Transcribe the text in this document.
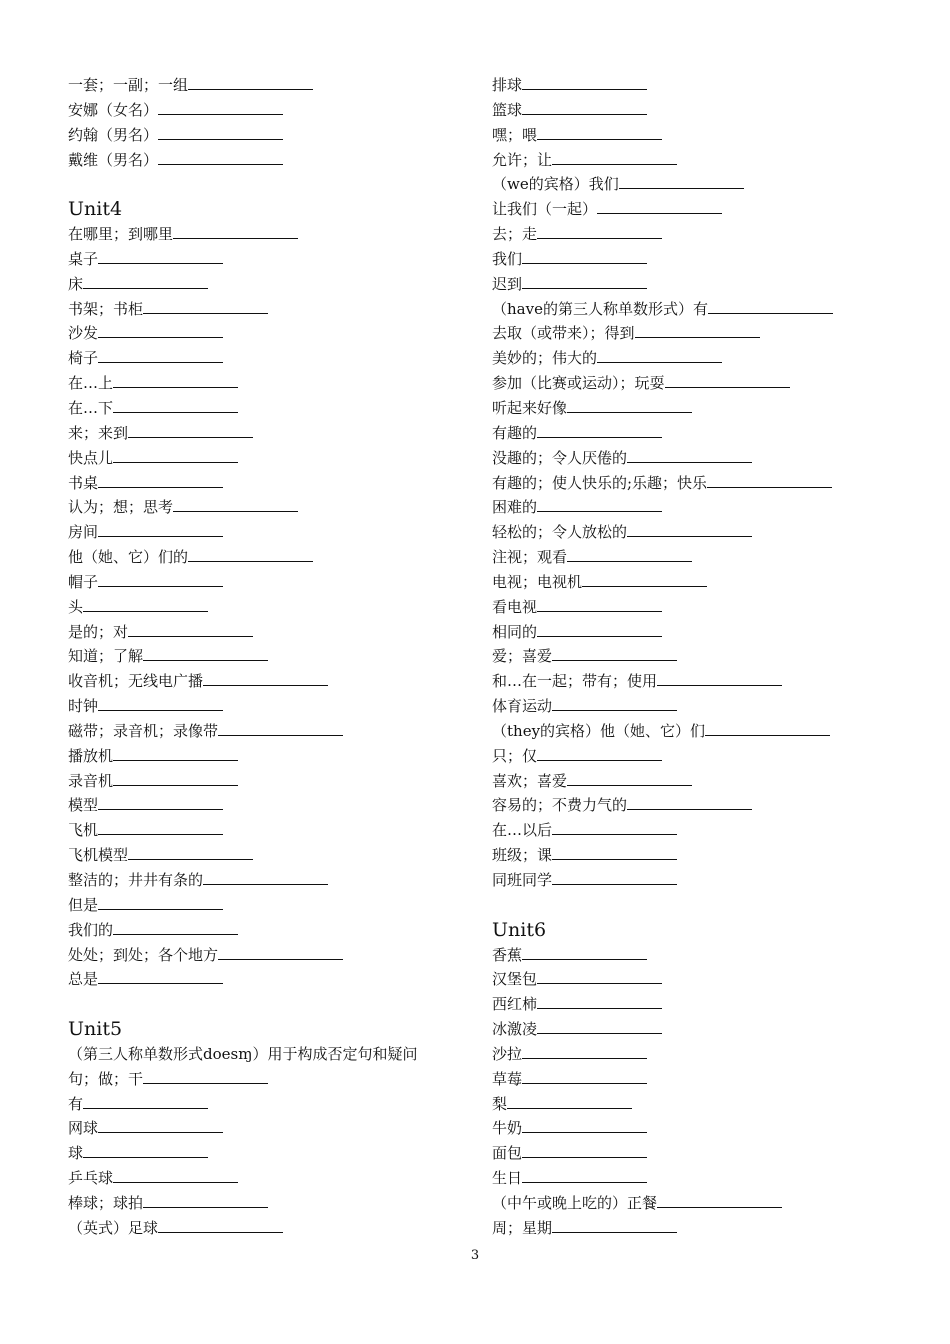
一套；一副；一组
安娜（女名）
约翰（男名）
戴维（男名）
Unit4
在哪里；到哪里
桌子
床
书架；书柜
沙发
椅子
在…上
在…下
来；来到
快点儿
书桌
认为；想；思考
房间
他（她、它）们的
帽子
头
是的；对
知道；了解
收音机；无线电广播
时钟
磁带；录音机；录像带
播放机
录音机
模型
飞机
飞机模型
整洁的；井井有条的
但是
我们的
处处；到处；各个地方
总是
Unit5
（第三人称单数形式doesɱ）用于构成否定句和疑问
句；做；干
有
网球
球
乒乓球
棒球；球拍
（英式）足球
排球
篮球
嘿；喂
允许；让
（we的宾格）我们
让我们（一起）
去；走
我们
迟到
（have的第三人称单数形式）有
去取（或带来）；得到
美妙的；伟大的
参加（比赛或运动）；玩耍
听起来好像
有趣的
没趣的；令人厌倦的
有趣的；使人快乐的;乐趣；快乐
困难的
轻松的；令人放松的
注视；观看
电视；电视机
看电视
相同的
爱；喜爱
和…在一起；带有；使用
体育运动
（they的宾格）他（她、它）们
只；仅
喜欢；喜爱
容易的；不费力气的
在…以后
班级；课
同班同学
Unit6
香蕉
汉堡包
西红柿
冰激凌
沙拉
草莓
梨
牛奶
面包
生日
（中午或晚上吃的）正餐
周；星期
3
